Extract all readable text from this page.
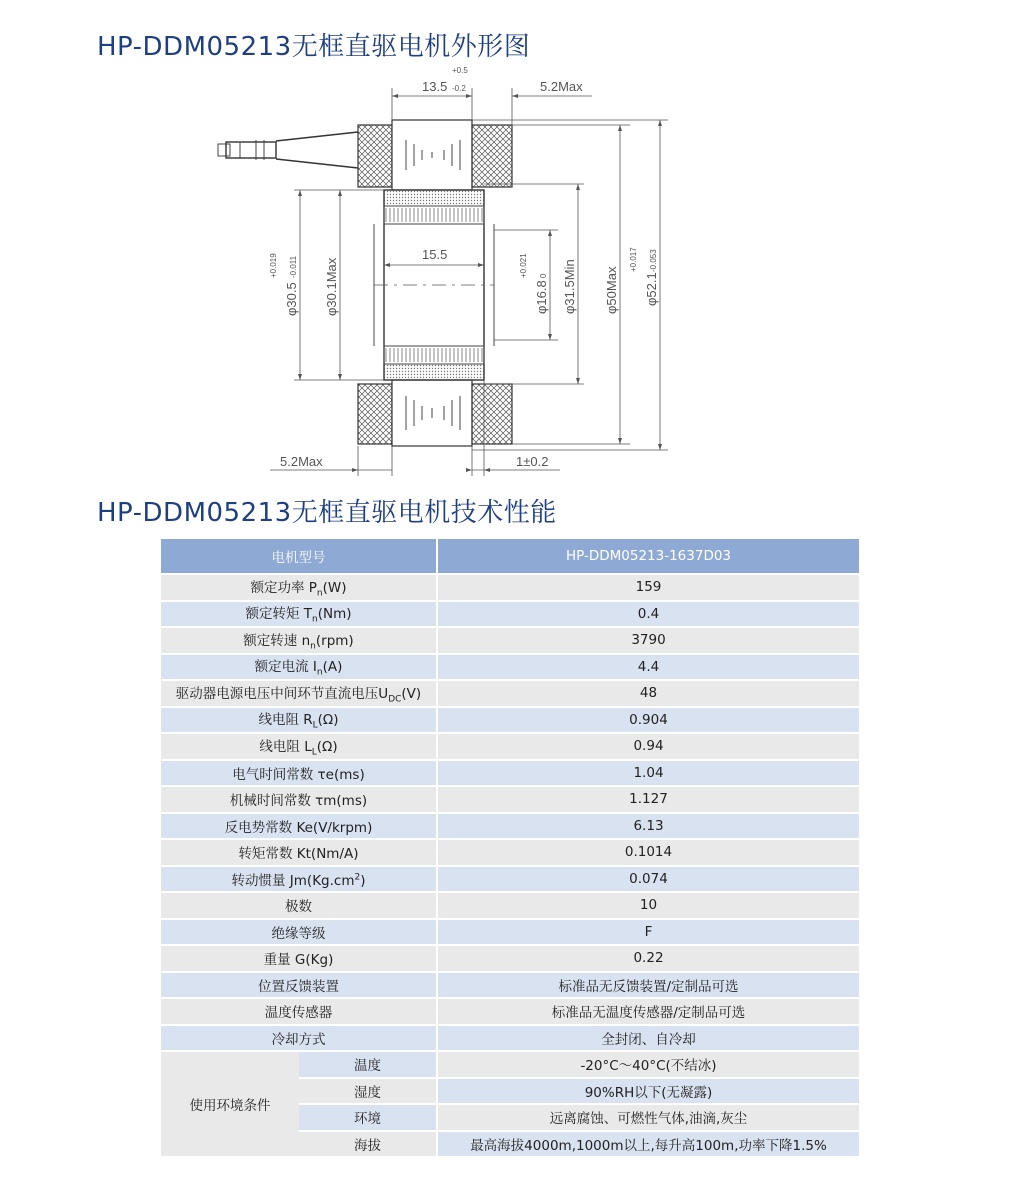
HP-DDM05213无框直驱电机外形图
13.5
+0.5
-0.2	5.2Max
5.2Max	1±0.2
15.5
φ30.5
+0.019 -0.011 φ30.1Max	φ16.8
+0.021 0 φ31.5Min φ50Max φ52.1
+0.017 -0.053
HP-DDM05213无框直驱电机技术性能
电机型号		HP-DDM05213-1637D03
额定功率 $P_n(W)$		159
额定转矩 $T_n(Nm)$		0.4
额定转速 $n_n(rpm)$		3790
额定电流 $I_n(A)$		4.4
驱动器电源电压中间环节直流电压$U_{DC}(V)$		48
线电阻 $R_L(\Omega)$		0.904
线电阻 $L_L(\Omega)$		0.94
电气时间常数 τe(ms)		1.04
机械时间常数 τm(ms)		1.127
反电势常数 Ke(V/krpm)		6.13
转矩常数 Kt(Nm/A)		0.1014
转动惯量 $Jm(Kg.cm^2)$		0.074
极数		10
绝缘等级		F
重量 G(Kg)		0.22
位置反馈装置		标准品无反馈装置/定制品可选
温度传感器		标准品无温度传感器/定制品可选
冷却方式		全封闭、自冷却
使用环境条件	温度	-20°C～40°C(不结冰)
	湿度	90%RH以下(无凝露)
	环境	远离腐蚀、可燃性气体,油滴,灰尘
	海拔	最高海拔4000m,1000m以上,每升高100m,功率下降1.5%
